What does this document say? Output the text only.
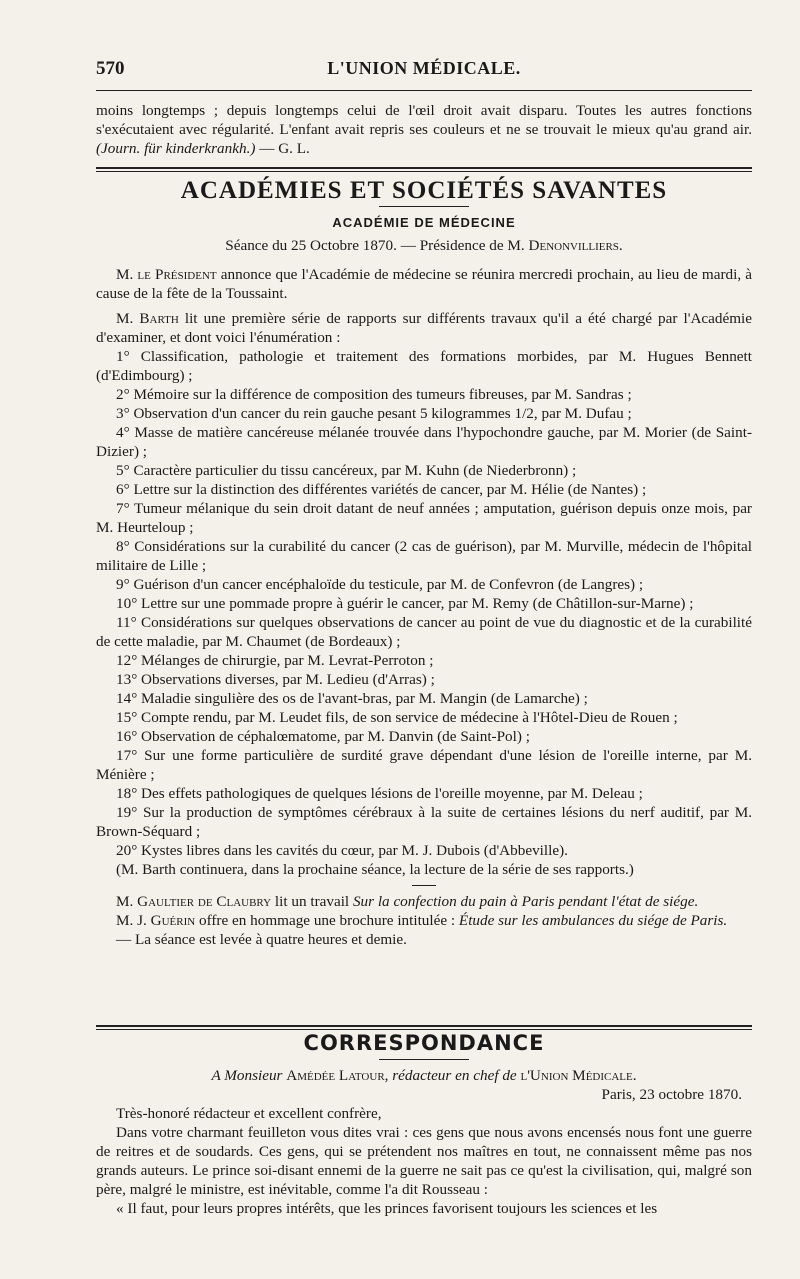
570	L'UNION MÉDICALE.

moins longtemps ; depuis longtemps celui de l'œil droit avait disparu. Toutes les autres fonctions s'exécutaient avec régularité. L'enfant avait repris ses couleurs et ne se trouvait le mieux qu'au grand air. (Journ. für kinderkrankh.) — G. L.

ACADÉMIES ET SOCIÉTÉS SAVANTES
ACADÉMIE DE MÉDECINE
Séance du 25 Octobre 1870. — Présidence de M. Denonvilliers.

M. le Président annonce que l'Académie de médecine se réunira mercredi prochain, au lieu de mardi, à cause de la fête de la Toussaint.

M. Barth lit une première série de rapports sur différents travaux qu'il a été chargé par l'Académie d'examiner, et dont voici l'énumération :

1° Classification, pathologie et traitement des formations morbides, par M. Hugues Bennett (d'Edimbourg) ;

2° Mémoire sur la différence de composition des tumeurs fibreuses, par M. Sandras ;

3° Observation d'un cancer du rein gauche pesant 5 kilogrammes 1/2, par M. Dufau ;

4° Masse de matière cancéreuse mélanée trouvée dans l'hypochondre gauche, par M. Morier (de Saint-Dizier) ;

5° Caractère particulier du tissu cancéreux, par M. Kuhn (de Niederbronn) ;

6° Lettre sur la distinction des différentes variétés de cancer, par M. Hélie (de Nantes) ;

7° Tumeur mélanique du sein droit datant de neuf années ; amputation, guérison depuis onze mois, par M. Heurteloup ;

8° Considérations sur la curabilité du cancer (2 cas de guérison), par M. Murville, médecin de l'hôpital militaire de Lille ;

9° Guérison d'un cancer encéphaloïde du testicule, par M. de Confevron (de Langres) ;

10° Lettre sur une pommade propre à guérir le cancer, par M. Remy (de Châtillon-sur-Marne) ;

11° Considérations sur quelques observations de cancer au point de vue du diagnostic et de la curabilité de cette maladie, par M. Chaumet (de Bordeaux) ;

12° Mélanges de chirurgie, par M. Levrat-Perroton ;

13° Observations diverses, par M. Ledieu (d'Arras) ;

14° Maladie singulière des os de l'avant-bras, par M. Mangin (de Lamarche) ;

15° Compte rendu, par M. Leudet fils, de son service de médecine à l'Hôtel-Dieu de Rouen ;

16° Observation de céphalœmatome, par M. Danvin (de Saint-Pol) ;

17° Sur une forme particulière de surdité grave dépendant d'une lésion de l'oreille interne, par M. Ménière ;

18° Des effets pathologiques de quelques lésions de l'oreille moyenne, par M. Deleau ;

19° Sur la production de symptômes cérébraux à la suite de certaines lésions du nerf auditif, par M. Brown-Séquard ;

20° Kystes libres dans les cavités du cœur, par M. J. Dubois (d'Abbeville).

(M. Barth continuera, dans la prochaine séance, la lecture de la série de ses rapports.)

M. Gaultier de Claubry lit un travail Sur la confection du pain à Paris pendant l'état de siége.

M. J. Guérin offre en hommage une brochure intitulée : Étude sur les ambulances du siége de Paris.

— La séance est levée à quatre heures et demie.

CORRESPONDANCE
A Monsieur Amédée Latour, rédacteur en chef de l'Union Médicale.

Paris, 23 octobre 1870.

Très-honoré rédacteur et excellent confrère,

Dans votre charmant feuilleton vous dites vrai : ces gens que nous avons encensés nous font une guerre de reitres et de soudards. Ces gens, qui se prétendent nos maîtres en tout, ne connaissent même pas nos grands auteurs. Le prince soi-disant ennemi de la guerre ne sait pas ce qu'est la civilisation, qui, malgré son père, malgré le ministre, est inévitable, comme l'a dit Rousseau :

« Il faut, pour leurs propres intérêts, que les princes favorisent toujours les sciences et les
